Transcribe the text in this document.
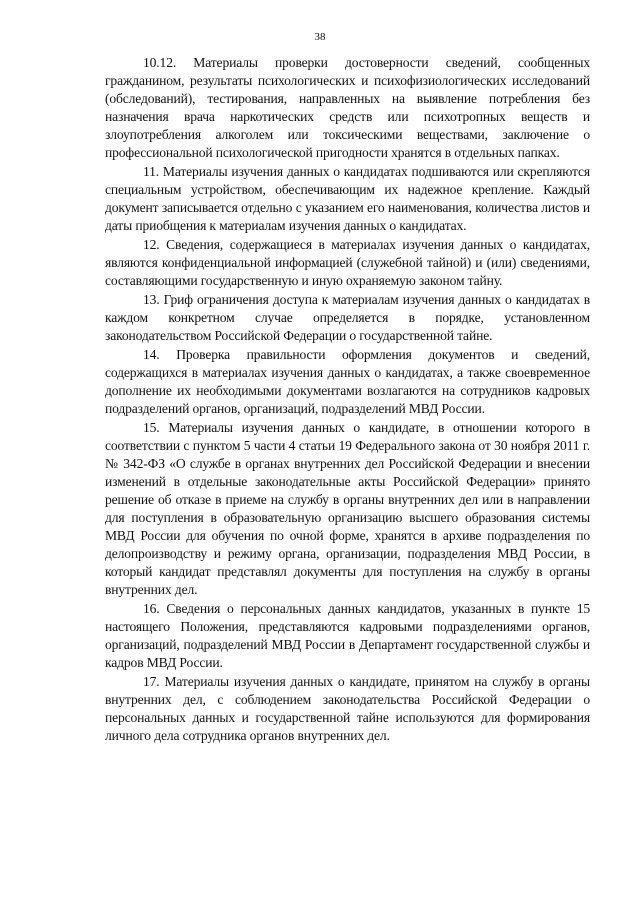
38

10.12. Материалы проверки достоверности сведений, сообщенных гражданином, результаты психологических и психофизиологических исследований (обследований), тестирования, направленных на выявление потребления без назначения врача наркотических средств или психотропных веществ и злоупотребления алкоголем или токсическими веществами, заключение о профессиональной психологической пригодности хранятся в отдельных папках.

11. Материалы изучения данных о кандидатах подшиваются или скрепляются специальным устройством, обеспечивающим их надежное крепление. Каждый документ записывается отдельно с указанием его наименования, количества листов и даты приобщения к материалам изучения данных о кандидатах.

12. Сведения, содержащиеся в материалах изучения данных о кандидатах, являются конфиденциальной информацией (служебной тайной) и (или) сведениями, составляющими государственную и иную охраняемую законом тайну.

13. Гриф ограничения доступа к материалам изучения данных о кандидатах в каждом конкретном случае определяется в порядке, установленном законодательством Российской Федерации о государственной тайне.

14. Проверка правильности оформления документов и сведений, содержащихся в материалах изучения данных о кандидатах, а также своевременное дополнение их необходимыми документами возлагаются на сотрудников кадровых подразделений органов, организаций, подразделений МВД России.

15. Материалы изучения данных о кандидате, в отношении которого в соответствии с пунктом 5 части 4 статьи 19 Федерального закона от 30 ноября 2011 г. № 342-ФЗ «О службе в органах внутренних дел Российской Федерации и внесении изменений в отдельные законодательные акты Российской Федерации» принято решение об отказе в приеме на службу в органы внутренних дел или в направлении для поступления в образовательную организацию высшего образования системы МВД России для обучения по очной форме, хранятся в архиве подразделения по делопроизводству и режиму органа, организации, подразделения МВД России, в который кандидат представлял документы для поступления на службу в органы внутренних дел.

16. Сведения о персональных данных кандидатов, указанных в пункте 15 настоящего Положения, представляются кадровыми подразделениями органов, организаций, подразделений МВД России в Департамент государственной службы и кадров МВД России.

17. Материалы изучения данных о кандидате, принятом на службу в органы внутренних дел, с соблюдением законодательства Российской Федерации о персональных данных и государственной тайне используются для формирования личного дела сотрудника органов внутренних дел.
